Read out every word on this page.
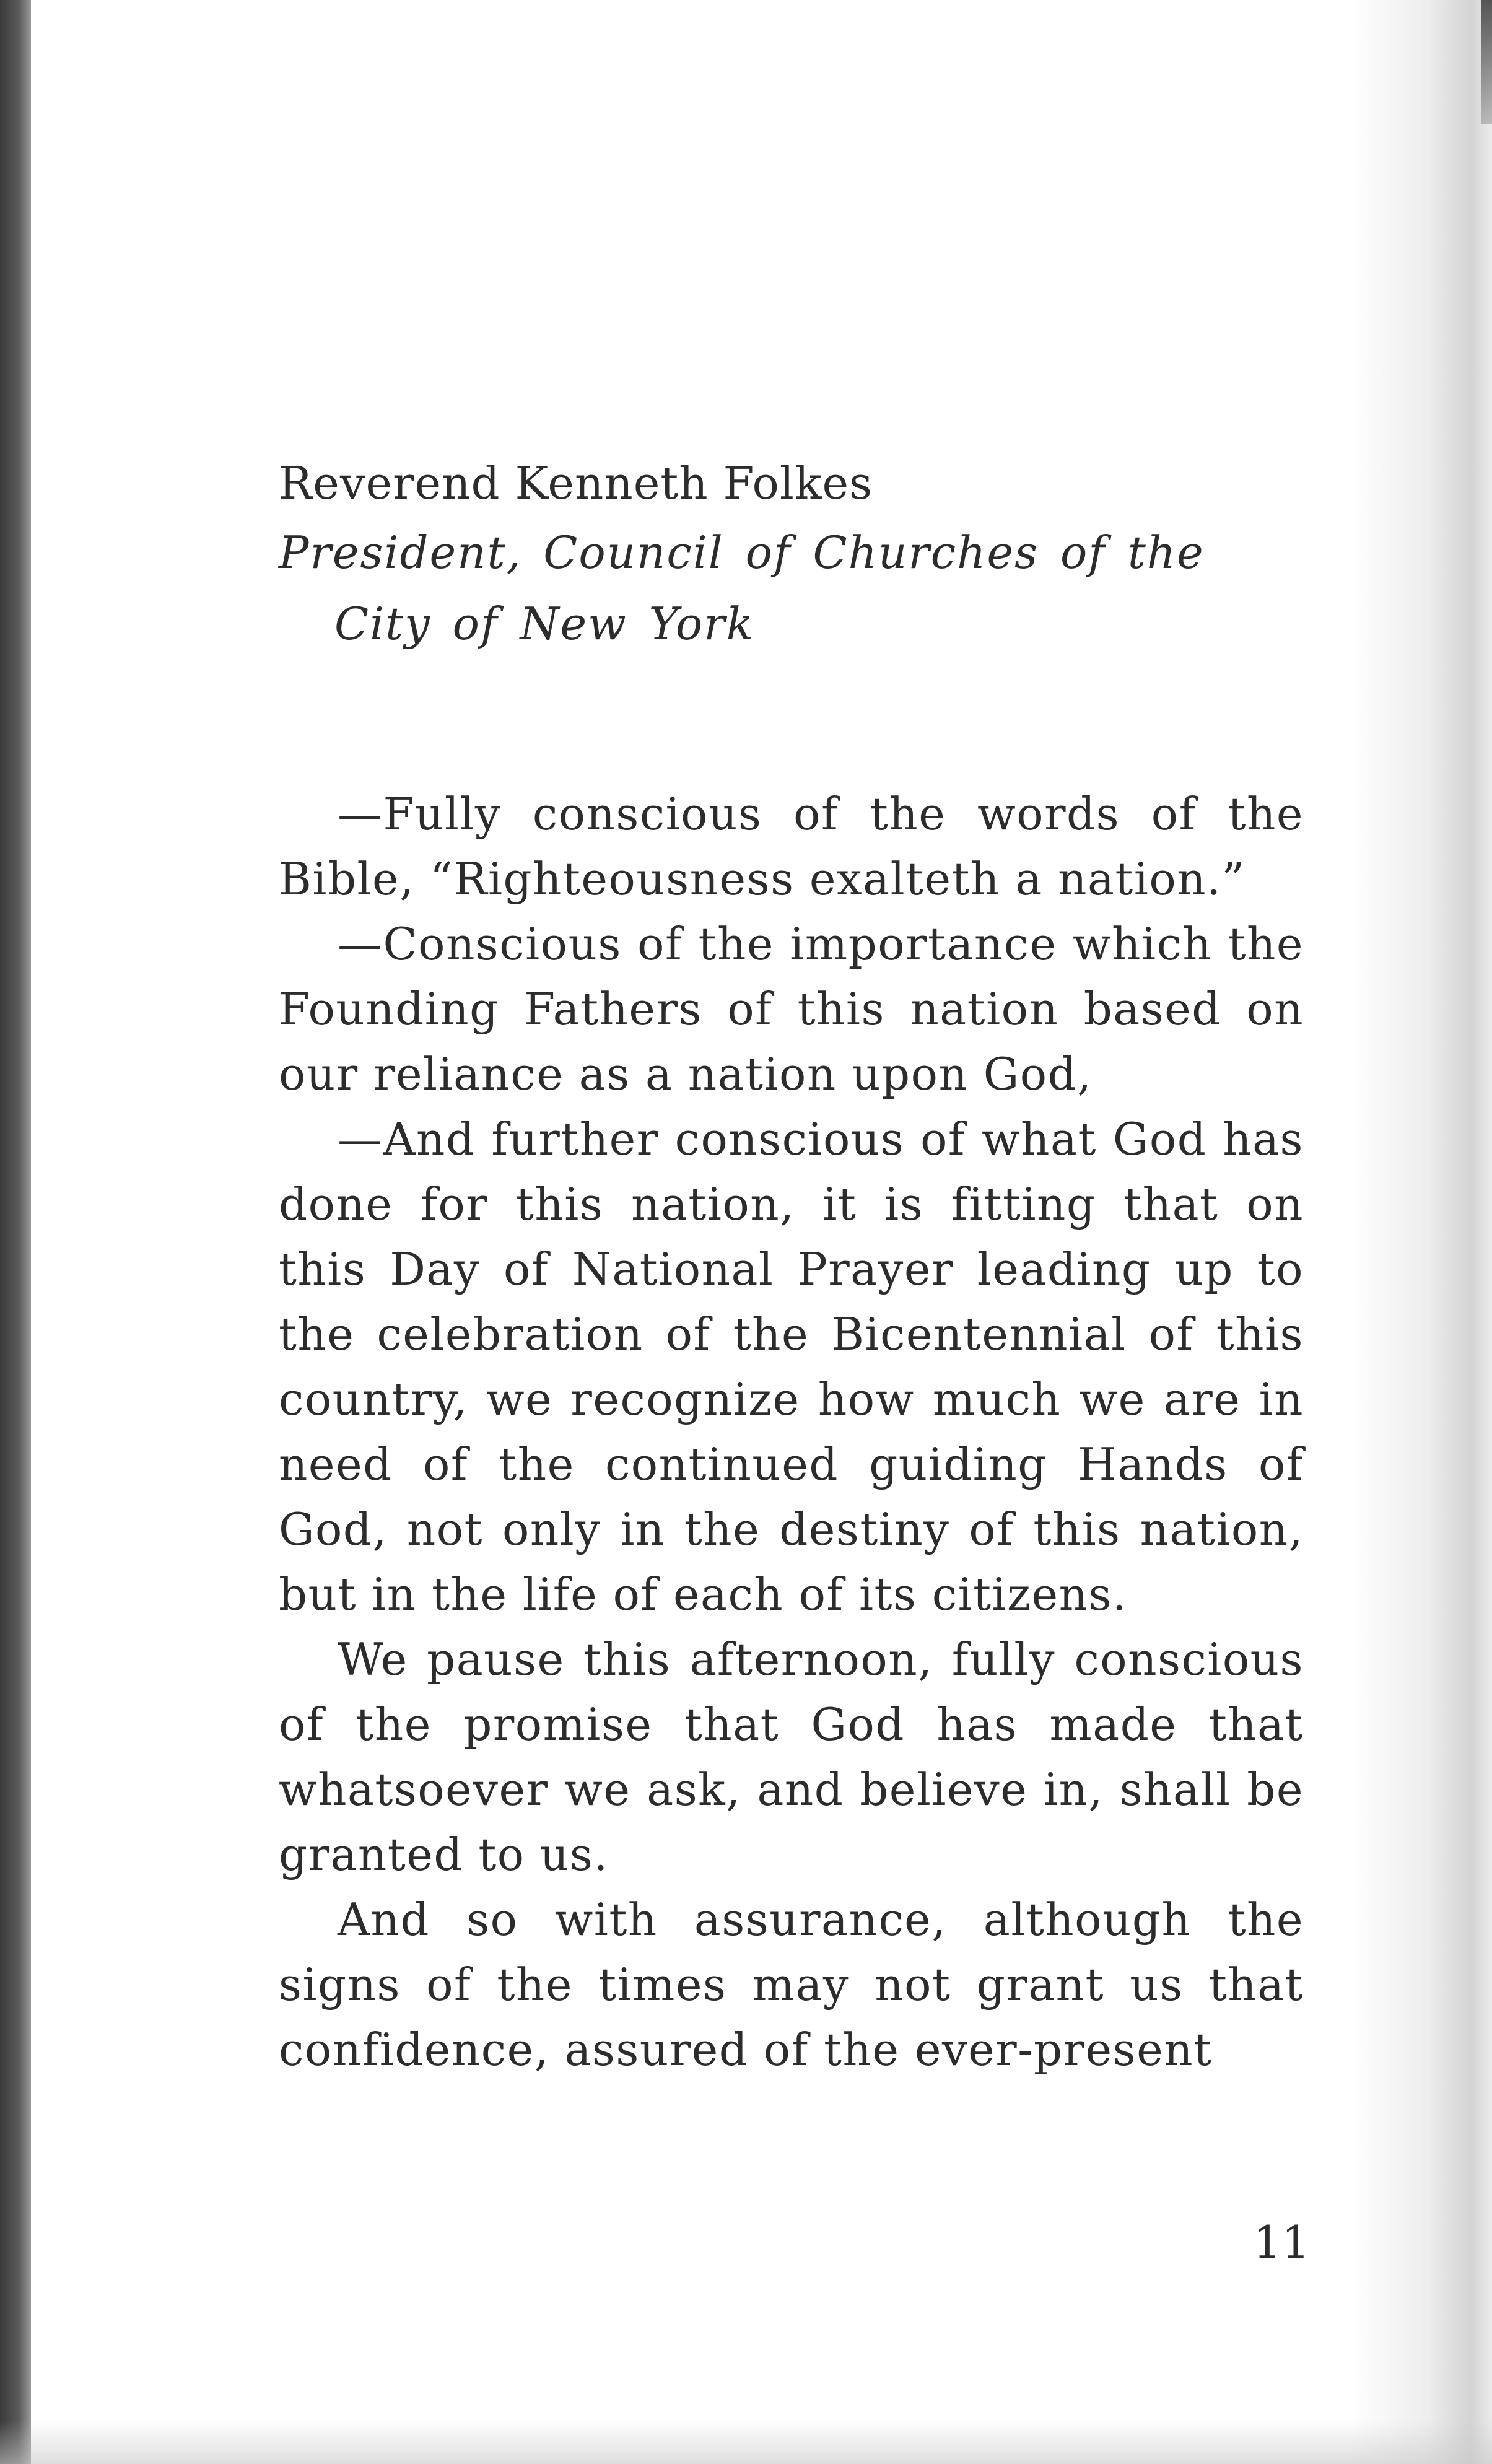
Reverend Kenneth Folkes
President, Council of Churches of the City of New York

—Fully conscious of the words of the Bible, “Righteousness exalteth a nation.”

—Conscious of the importance which the Founding Fathers of this nation based on our reliance as a nation upon God,

—And further conscious of what God has done for this nation, it is fitting that on this Day of National Prayer leading up to the celebration of the Bicentennial of this country, we recognize how much we are in need of the continued guiding Hands of God, not only in the destiny of this nation, but in the life of each of its citizens.

We pause this afternoon, fully conscious of the promise that God has made that whatsoever we ask, and believe in, shall be granted to us.

And so with assurance, although the signs of the times may not grant us that confidence, assured of the ever-present

11
